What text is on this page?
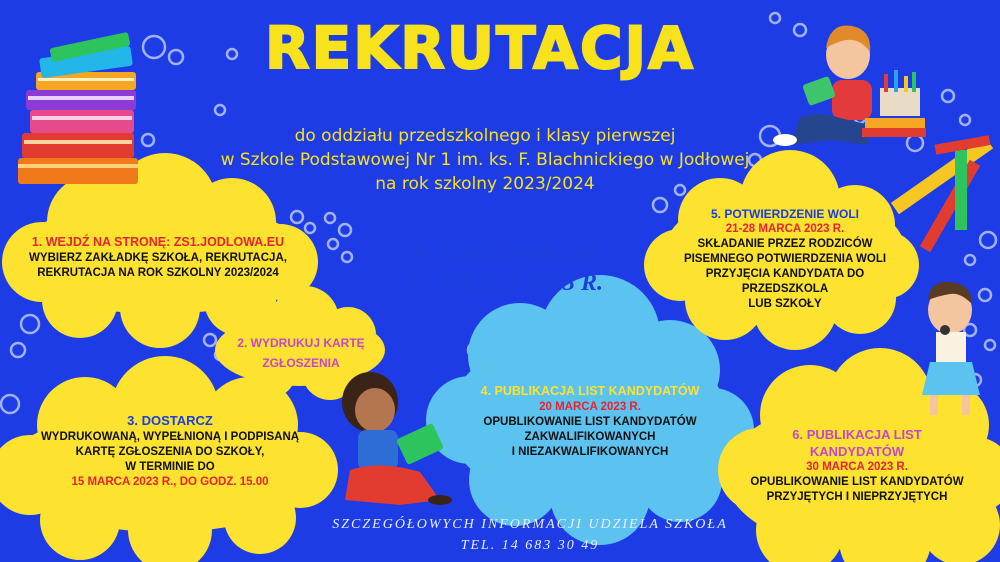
REKRUTACJA
do oddziału przedszkolnego i klasy pierwszej
w Szkole Podstawowej Nr 1 im. ks. F. Blachnickiego w Jodłowej
na rok szkolny 2023/2024
W TERMINIE DO
15 MARCA 2023 R.
1. WEJDŹ NA STRONĘ: ZS1.JODLOWA.EU
WYBIERZ ZAKŁADKĘ SZKOŁA, REKRUTACJA,
REKRUTACJA NA ROK SZKOLNY 2023/2024
2. WYDRUKUJ KARTĘ
ZGŁOSZENIA
3. DOSTARCZ
WYDRUKOWANĄ, WYPEŁNIONĄ I PODPISANĄ
KARTĘ ZGŁOSZENIA DO SZKOŁY,
W TERMINIE DO
15 MARCA 2023 R., DO GODZ. 15.00
4. PUBLIKACJA LIST KANDYDATÓW
20 MARCA 2023 R.
OPUBLIKOWANIE LIST KANDYDATÓW
ZAKWALIFIKOWANYCH
I NIEZAKWALIFIKOWANYCH
5. POTWIERDZENIE WOLI
21-28 MARCA 2023 R.
SKŁADANIE PRZEZ RODZICÓW
PISEMNEGO POTWIERDZENIA WOLI
PRZYJĘCIA KANDYDATA DO PRZEDSZKOLA
LUB SZKOŁY
6. PUBLIKACJA LIST
KANDYDATÓW
30 MARCA 2023 R.
OPUBLIKOWANIE LIST KANDYDATÓW
PRZYJĘTYCH I NIEPRZYJĘTYCH
SZCZEGÓŁOWYCH INFORMACJI UDZIELA SZKOŁA
TEL. 14 683 30 49
